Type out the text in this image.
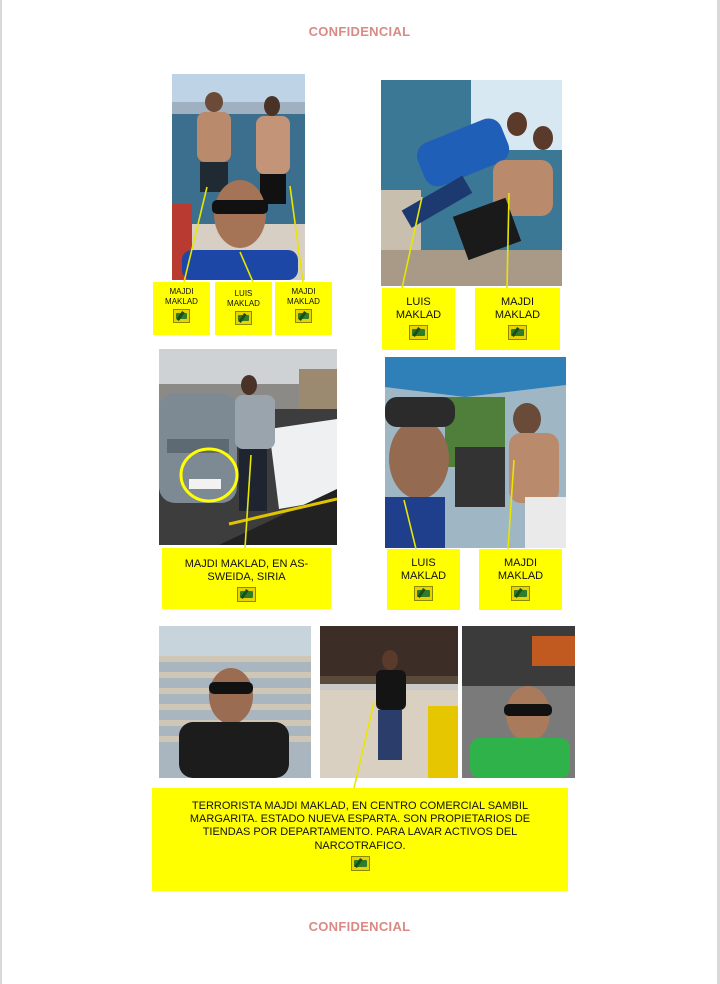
CONFIDENCIAL
MAJDI
MAKLAD
LUIS
MAKLAD
MAJDI
MAKLAD	LUIS
MAKLAD
MAJDI
MAKLAD
MAJDI MAKLAD, EN AS-
SWEIDA, SIRIA
LUIS
MAKLAD
MAJDI
MAKLAD
TERRORISTA MAJDI MAKLAD, EN CENTRO COMERCIAL SAMBIL
MARGARITA. ESTADO NUEVA ESPARTA. SON PROPIETARIOS DE
TIENDAS POR DEPARTAMENTO. PARA LAVAR ACTIVOS DEL
NARCOTRAFICO.
CONFIDENCIAL
